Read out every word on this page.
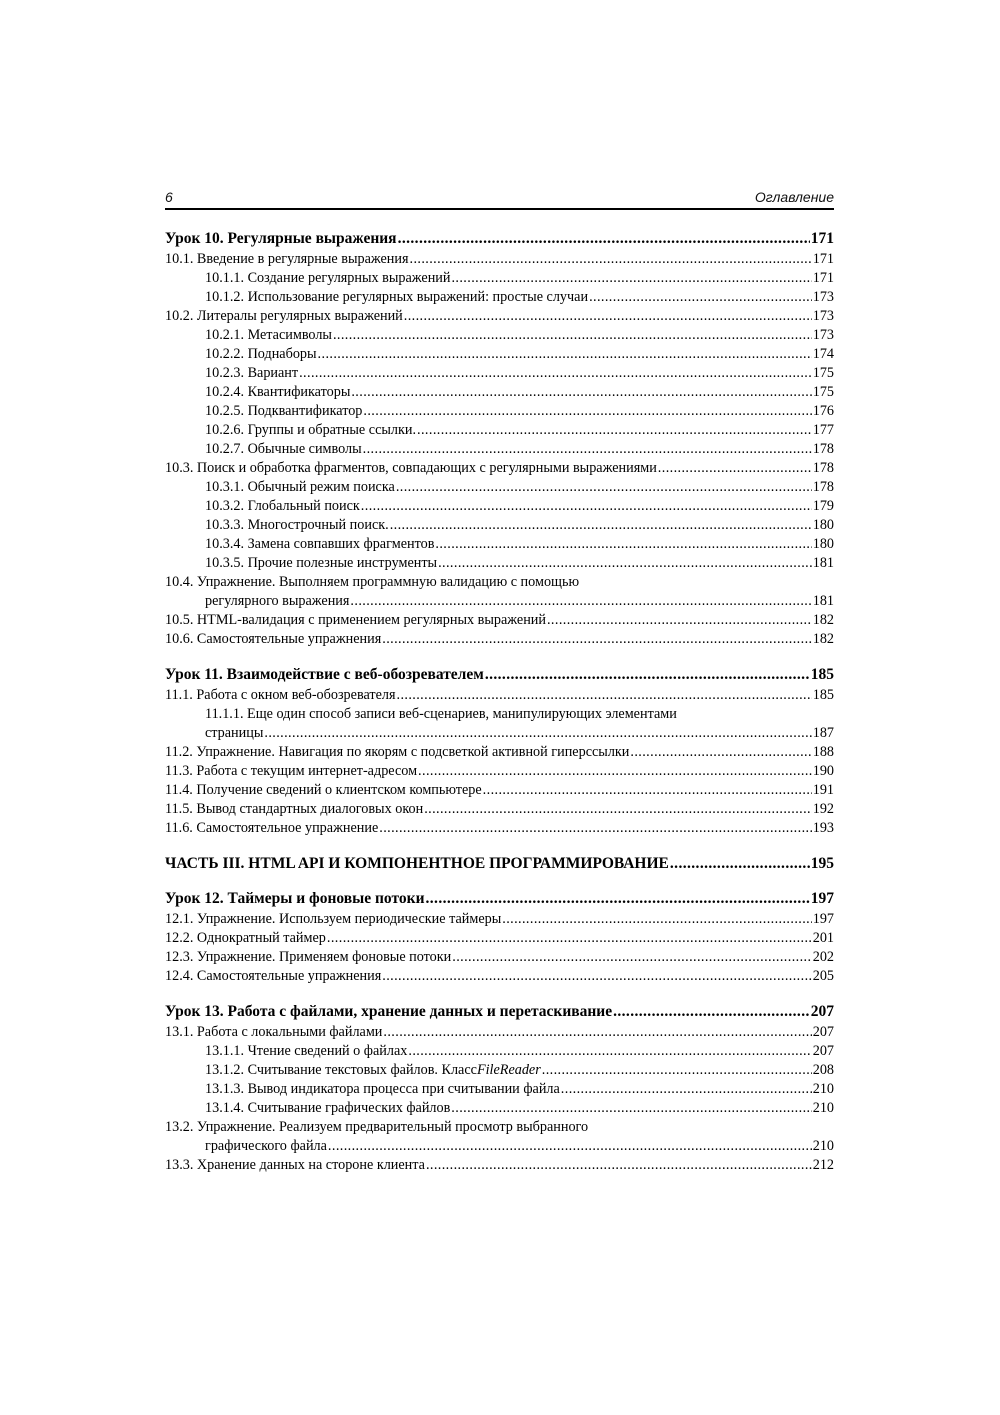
6	Оглавление
Урок 10. Регулярные выражения .....	171
10.1. Введение в регулярные выражения .....	171
10.1.1. Создание регулярных выражений .....	171
10.1.2. Использование регулярных выражений: простые случаи .....	173
10.2. Литералы регулярных выражений .....	173
10.2.1. Метасимволы .....	173
10.2.2. Поднаборы .....	174
10.2.3. Вариант .....	175
10.2.4. Квантификаторы .....	175
10.2.5. Подквантификатор .....	176
10.2.6. Группы и обратные ссылки. .....	177
10.2.7. Обычные символы .....	178
10.3. Поиск и обработка фрагментов, совпадающих с регулярными выражениями .....	178
10.3.1. Обычный режим поиска .....	178
10.3.2. Глобальный поиск .....	179
10.3.3. Многострочный поиск. .....	180
10.3.4. Замена совпавших фрагментов .....	180
10.3.5. Прочие полезные инструменты .....	181
10.4. Упражнение. Выполняем программную валидацию с помощью
регулярного выражения .....	181
10.5. HTML-валидация с применением регулярных выражений .....	182
10.6. Самостоятельные упражнения .....	182
Урок 11. Взаимодействие с веб-обозревателем .....	185
11.1. Работа с окном веб-обозревателя .....	185
11.1.1. Еще один способ записи веб-сценариев, манипулирующих элементами
страницы .....	187
11.2. Упражнение. Навигация по якорям с подсветкой активной гиперссылки .....	188
11.3. Работа с текущим интернет-адресом .....	190
11.4. Получение сведений о клиентском компьютере .....	191
11.5. Вывод стандартных диалоговых окон .....	192
11.6. Самостоятельное упражнение .....	193
ЧАСТЬ III. HTML API И КОМПОНЕНТНОЕ ПРОГРАММИРОВАНИЕ .....	195
Урок 12. Таймеры и фоновые потоки .....	197
12.1. Упражнение. Используем периодические таймеры .....	197
12.2. Однократный таймер .....	201
12.3. Упражнение. Применяем фоновые потоки .....	202
12.4. Самостоятельные упражнения .....	205
Урок 13. Работа с файлами, хранение данных и перетаскивание .....	207
13.1. Работа с локальными файлами .....	207
13.1.1. Чтение сведений о файлах .....	207
13.1.2. Считывание текстовых файлов. Класс FileReader .....	208
13.1.3. Вывод индикатора процесса при считывании файла .....	210
13.1.4. Считывание графических файлов .....	210
13.2. Упражнение. Реализуем предварительный просмотр выбранного
графического файла .....	210
13.3. Хранение данных на стороне клиента .....	212
